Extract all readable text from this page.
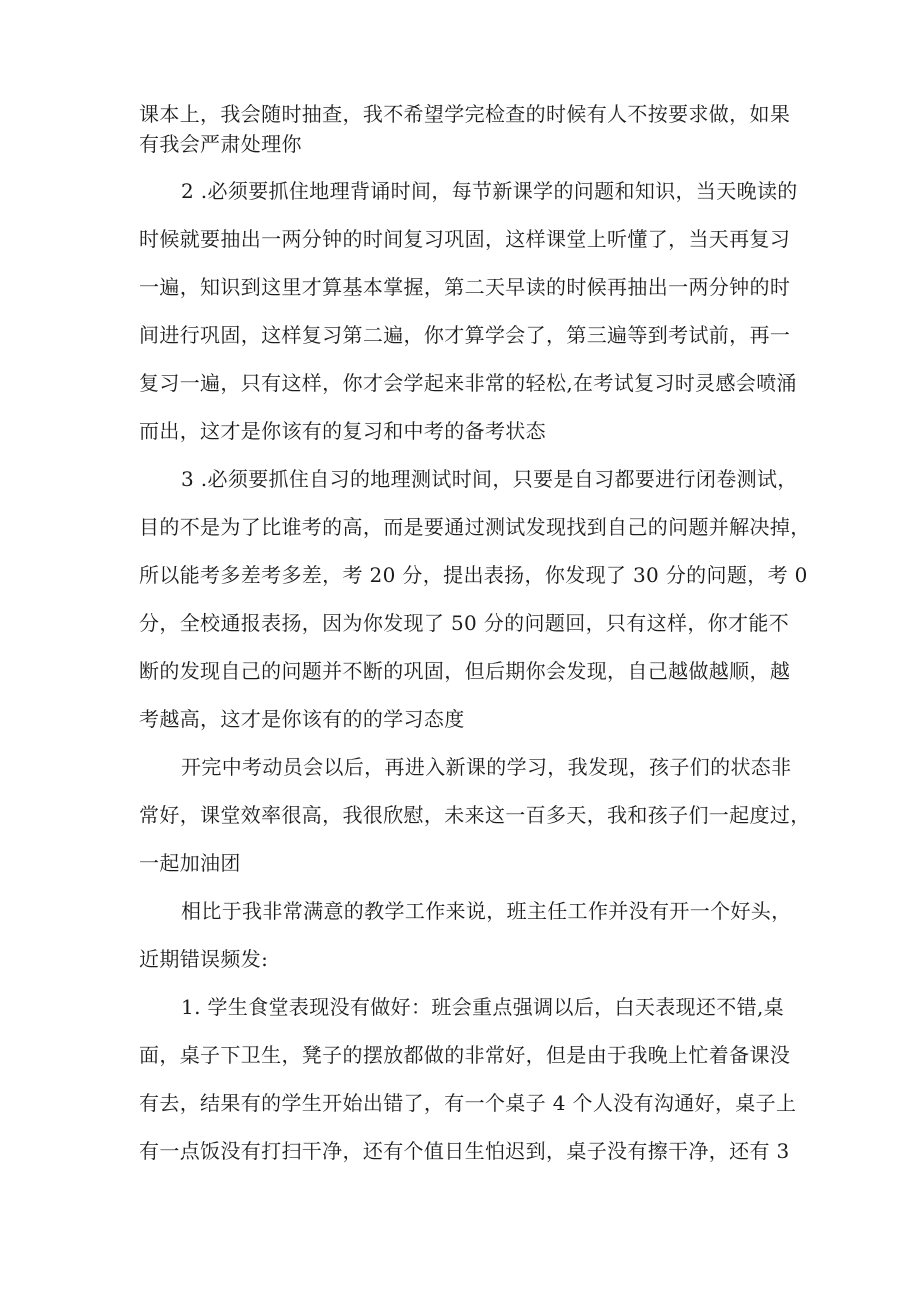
课本上，我会随时抽查，我不希望学完检查的时候有人不按要求做，如果
有我会严肃处理你
2 .必须要抓住地理背诵时间，每节新课学的问题和知识，当天晚读的
时候就要抽出一两分钟的时间复习巩固，这样课堂上听懂了，当天再复习
一遍，知识到这里才算基本掌握，第二天早读的时候再抽出一两分钟的时
间进行巩固，这样复习第二遍，你才算学会了，第三遍等到考试前，再一
复习一遍，只有这样，你才会学起来非常的轻松,在考试复习时灵感会喷涌
而出，这才是你该有的复习和中考的备考状态
3 .必须要抓住自习的地理测试时间，只要是自习都要进行闭卷测试，
目的不是为了比谁考的高，而是要通过测试发现找到自己的问题并解决掉，
所以能考多差考多差，考 20 分，提出表扬，你发现了 30 分的问题，考 0
分，全校通报表扬，因为你发现了 50 分的问题回，只有这样，你才能不
断的发现自己的问题并不断的巩固，但后期你会发现，自己越做越顺，越
考越高，这才是你该有的的学习态度
开完中考动员会以后，再进入新课的学习，我发现，孩子们的状态非
常好，课堂效率很高，我很欣慰，未来这一百多天，我和孩子们一起度过，
一起加油团
相比于我非常满意的教学工作来说，班主任工作并没有开一个好头，
近期错误频发:
1. 学生食堂表现没有做好：班会重点强调以后，白天表现还不错,桌
面，桌子下卫生，凳子的摆放都做的非常好，但是由于我晚上忙着备课没
有去，结果有的学生开始出错了，有一个桌子 4 个人没有沟通好，桌子上
有一点饭没有打扫干净，还有个值日生怕迟到，桌子没有擦干净，还有 3
